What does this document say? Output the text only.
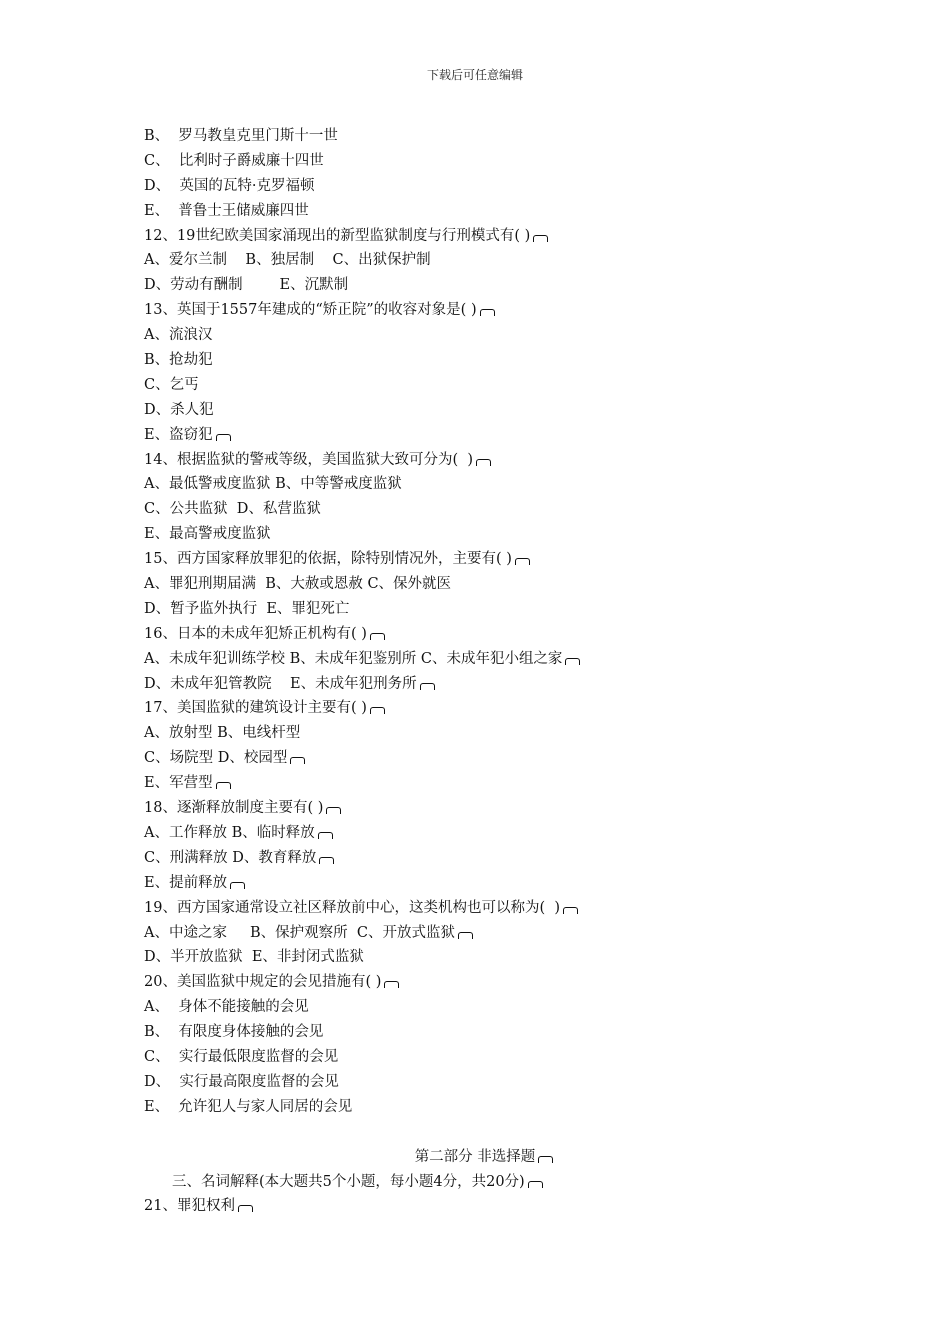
下载后可任意编辑
B、  罗马教皇克里门斯十一世
C、  比利时子爵威廉十四世
D、  英国的瓦特·克罗福顿
E、  普鲁士王储威廉四世
12、19世纪欧美国家涌现出的新型监狱制度与行刑模式有( )
A、爱尔兰制    B、独居制    C、出狱保护制
D、劳动有酬制        E、沉默制
13、英国于1557年建成的“矫正院”的收容对象是( )
A、流浪汉
B、抢劫犯
C、乞丐
D、杀人犯
E、盗窃犯
14、根据监狱的警戒等级，美国监狱大致可分为(  )
A、最低警戒度监狱 B、中等警戒度监狱
C、公共监狱  D、私营监狱
E、最高警戒度监狱
15、西方国家释放罪犯的依据，除特别情况外，主要有( )
A、罪犯刑期届满  B、大赦或恩赦 C、保外就医
D、暂予监外执行  E、罪犯死亡
16、日本的未成年犯矫正机构有( )
A、未成年犯训练学校 B、未成年犯鉴别所 C、未成年犯小组之家
D、未成年犯管教院    E、未成年犯刑务所
17、美国监狱的建筑设计主要有( )
A、放射型 B、电线杆型
C、场院型 D、校园型
E、军营型
18、逐渐释放制度主要有( )
A、工作释放 B、临时释放
C、刑满释放 D、教育释放
E、提前释放
19、西方国家通常设立社区释放前中心，这类机构也可以称为(  )
A、中途之家     B、保护观察所  C、开放式监狱
D、半开放监狱  E、非封闭式监狱
20、美国监狱中规定的会见措施有( )
A、  身体不能接触的会见
B、  有限度身体接触的会见
C、  实行最低限度监督的会见
D、  实行最高限度监督的会见
E、  允许犯人与家人同居的会见
第二部分 非选择题
三、名词解释(本大题共5个小题，每小题4分，共20分)
21、罪犯权利
